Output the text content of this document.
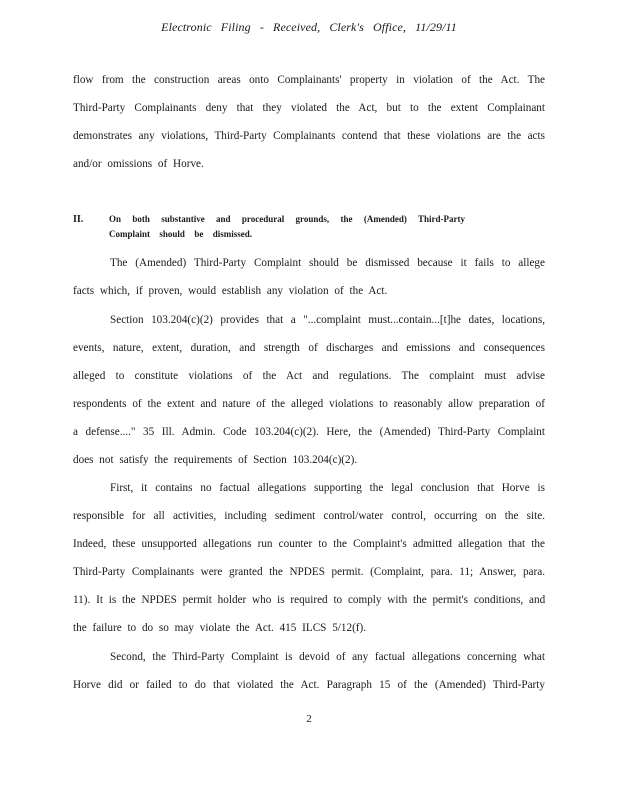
Electronic Filing - Received, Clerk's Office, 11/29/11
flow from the construction areas onto Complainants' property in violation of the Act. The
Third-Party Complainants deny that they violated the Act, but to the extent Complainant
demonstrates any violations, Third-Party Complainants contend that these violations are the acts
and/or omissions of Horve.
II.	On both substantive and procedural grounds, the (Amended) Third-Party
Complaint should be dismissed.
The (Amended) Third-Party Complaint should be dismissed because it fails to allege
facts which, if proven, would establish any violation of the Act.
Section 103.204(c)(2) provides that a "...complaint must...contain...[t]he dates, locations,
events, nature, extent, duration, and strength of discharges and emissions and consequences
alleged to constitute violations of the Act and regulations. The complaint must advise
respondents of the extent and nature of the alleged violations to reasonably allow preparation of
a defense...." 35 Ill. Admin. Code 103.204(c)(2). Here, the (Amended) Third-Party Complaint
does not satisfy the requirements of Section 103.204(c)(2).
First, it contains no factual allegations supporting the legal conclusion that Horve is
responsible for all activities, including sediment control/water control, occurring on the site.
Indeed, these unsupported allegations run counter to the Complaint's admitted allegation that the
Third-Party Complainants were granted the NPDES permit. (Complaint, para. 11; Answer, para.
11). It is the NPDES permit holder who is required to comply with the permit's conditions, and
the failure to do so may violate the Act. 415 ILCS 5/12(f).
Second, the Third-Party Complaint is devoid of any factual allegations concerning what
Horve did or failed to do that violated the Act. Paragraph 15 of the (Amended) Third-Party
2
